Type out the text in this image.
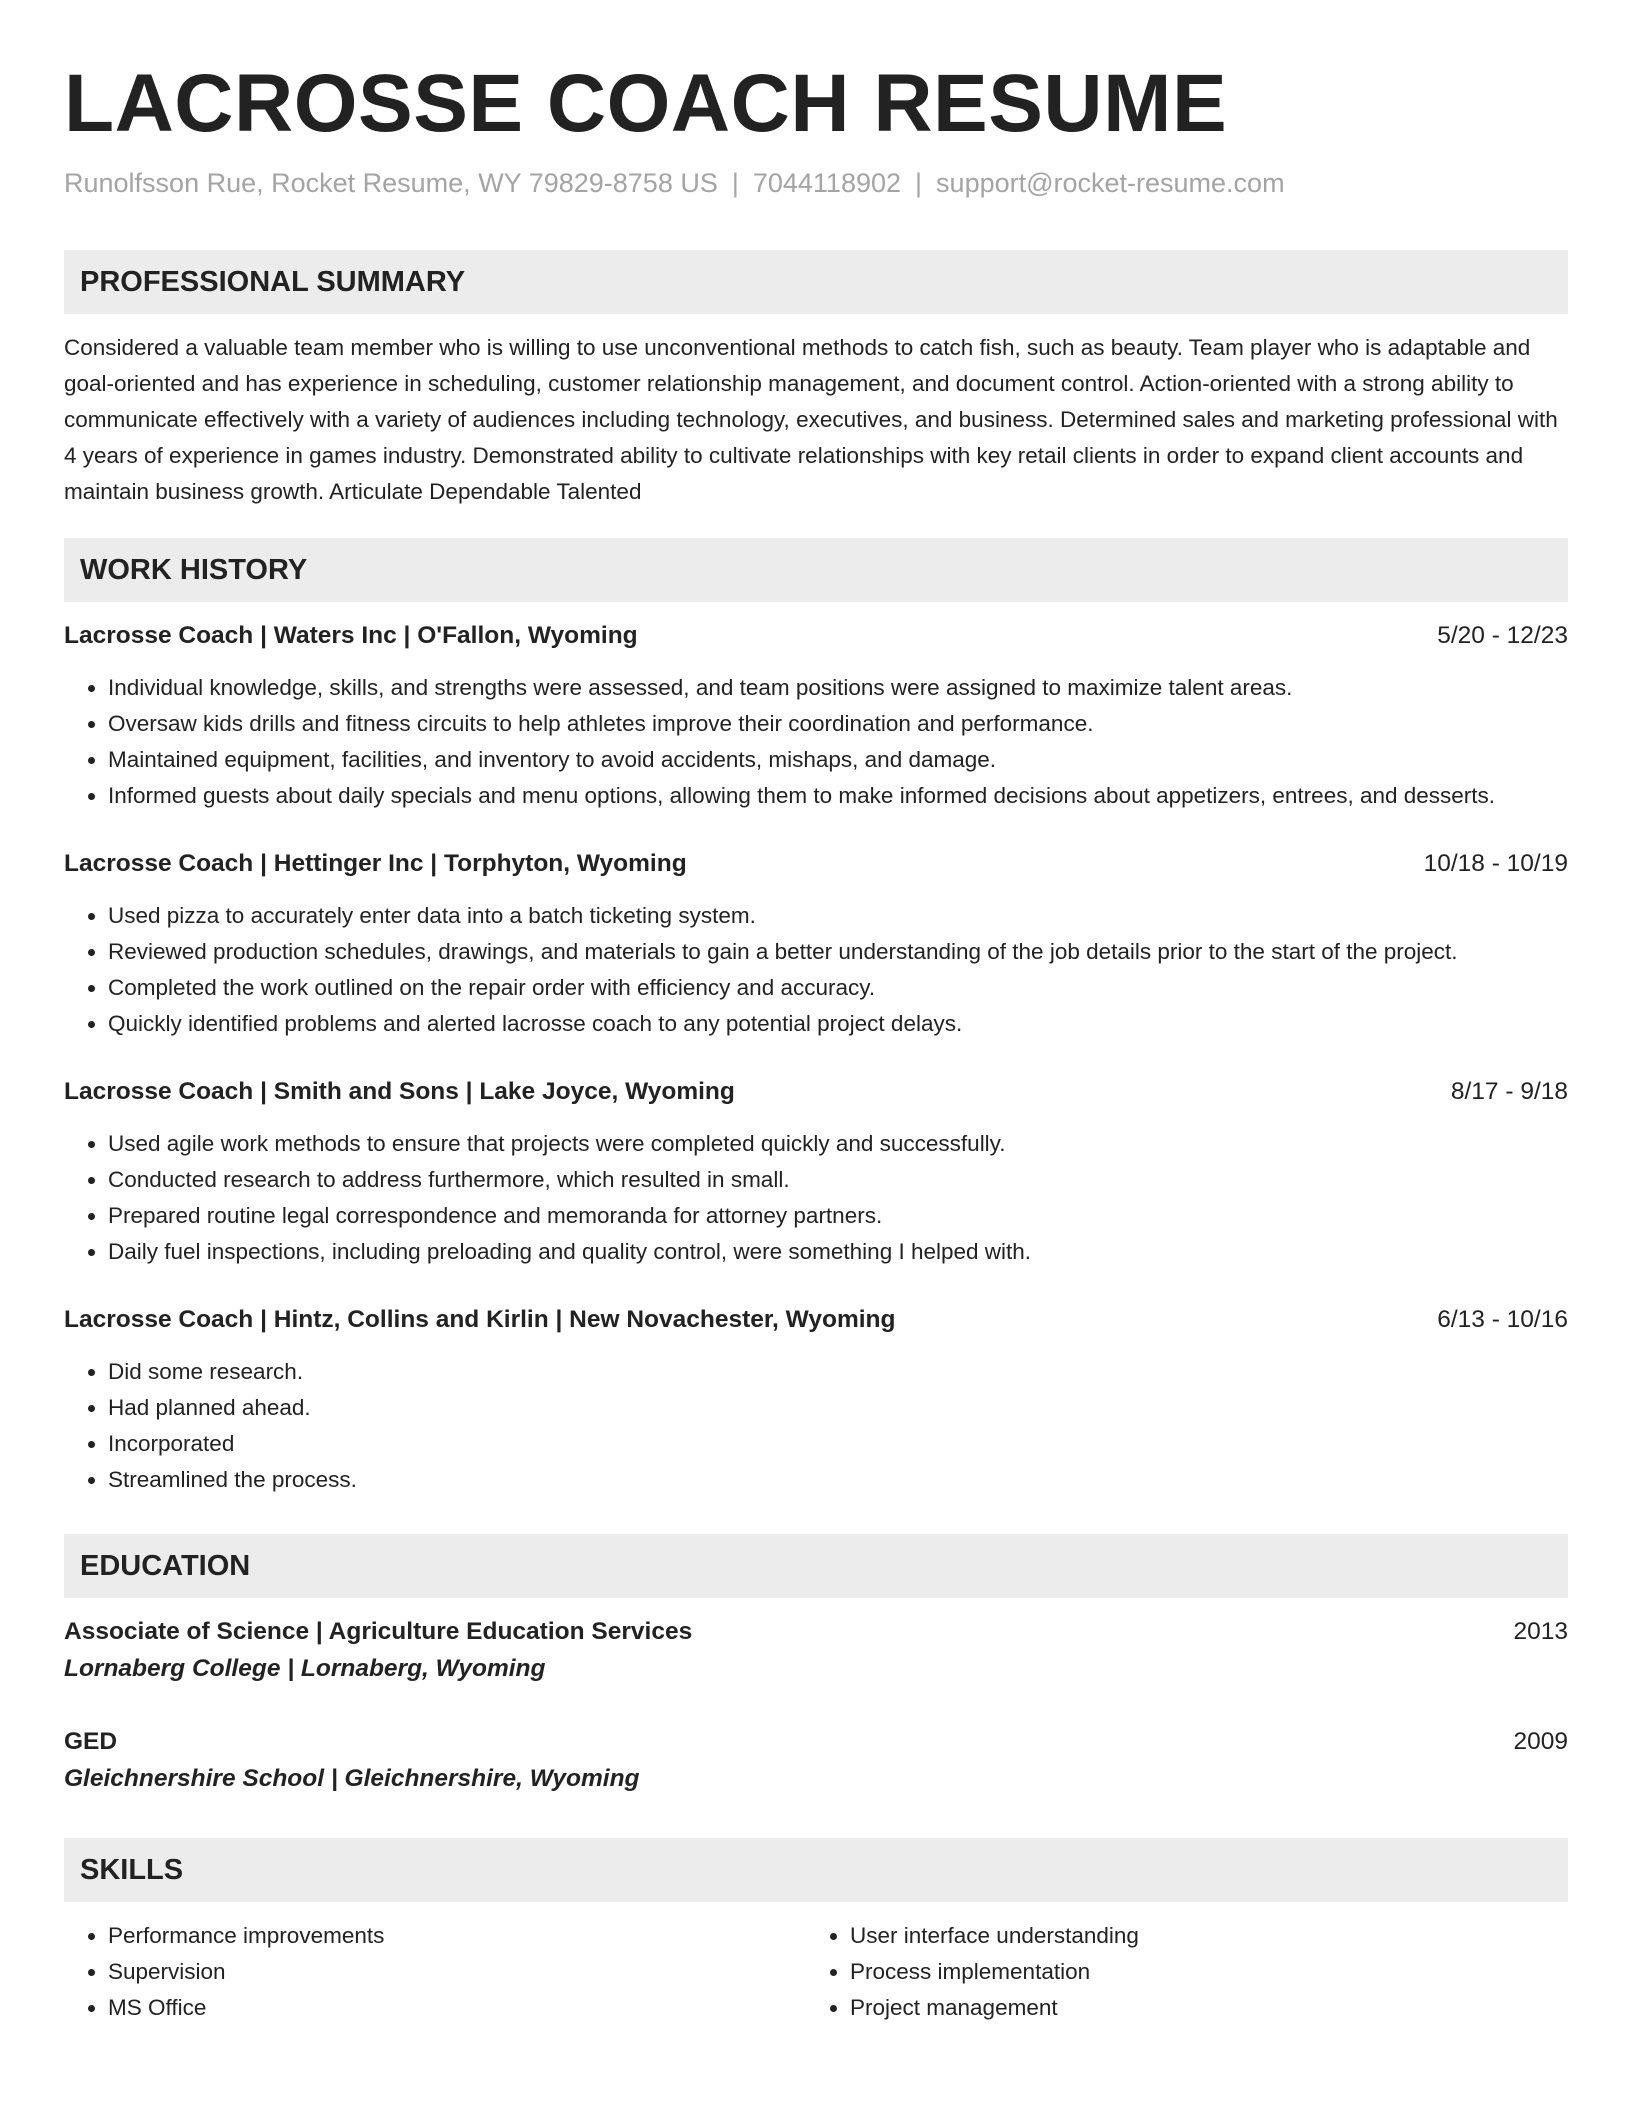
LACROSSE COACH RESUME
Runolfsson Rue, Rocket Resume, WY 79829-8758 US | 7044118902 | support@rocket-resume.com
PROFESSIONAL SUMMARY
Considered a valuable team member who is willing to use unconventional methods to catch fish, such as beauty. Team player who is adaptable and goal-oriented and has experience in scheduling, customer relationship management, and document control. Action-oriented with a strong ability to communicate effectively with a variety of audiences including technology, executives, and business. Determined sales and marketing professional with 4 years of experience in games industry. Demonstrated ability to cultivate relationships with key retail clients in order to expand client accounts and maintain business growth. Articulate Dependable Talented
WORK HISTORY
Lacrosse Coach | Waters Inc | O'Fallon, Wyoming	5/20 - 12/23
• Individual knowledge, skills, and strengths were assessed, and team positions were assigned to maximize talent areas.
• Oversaw kids drills and fitness circuits to help athletes improve their coordination and performance.
• Maintained equipment, facilities, and inventory to avoid accidents, mishaps, and damage.
• Informed guests about daily specials and menu options, allowing them to make informed decisions about appetizers, entrees, and desserts.
Lacrosse Coach | Hettinger Inc | Torphyton, Wyoming	10/18 - 10/19
• Used pizza to accurately enter data into a batch ticketing system.
• Reviewed production schedules, drawings, and materials to gain a better understanding of the job details prior to the start of the project.
• Completed the work outlined on the repair order with efficiency and accuracy.
• Quickly identified problems and alerted lacrosse coach to any potential project delays.
Lacrosse Coach | Smith and Sons | Lake Joyce, Wyoming	8/17 - 9/18
• Used agile work methods to ensure that projects were completed quickly and successfully.
• Conducted research to address furthermore, which resulted in small.
• Prepared routine legal correspondence and memoranda for attorney partners.
• Daily fuel inspections, including preloading and quality control, were something I helped with.
Lacrosse Coach | Hintz, Collins and Kirlin | New Novachester, Wyoming	6/13 - 10/16
• Did some research.
• Had planned ahead.
• Incorporated
• Streamlined the process.
EDUCATION
Associate of Science | Agriculture Education Services	2013
Lornaberg College | Lornaberg, Wyoming
GED	2009
Gleichnershire School | Gleichnershire, Wyoming
SKILLS
• Performance improvements
• Supervision
• MS Office
• User interface understanding
• Process implementation
• Project management
